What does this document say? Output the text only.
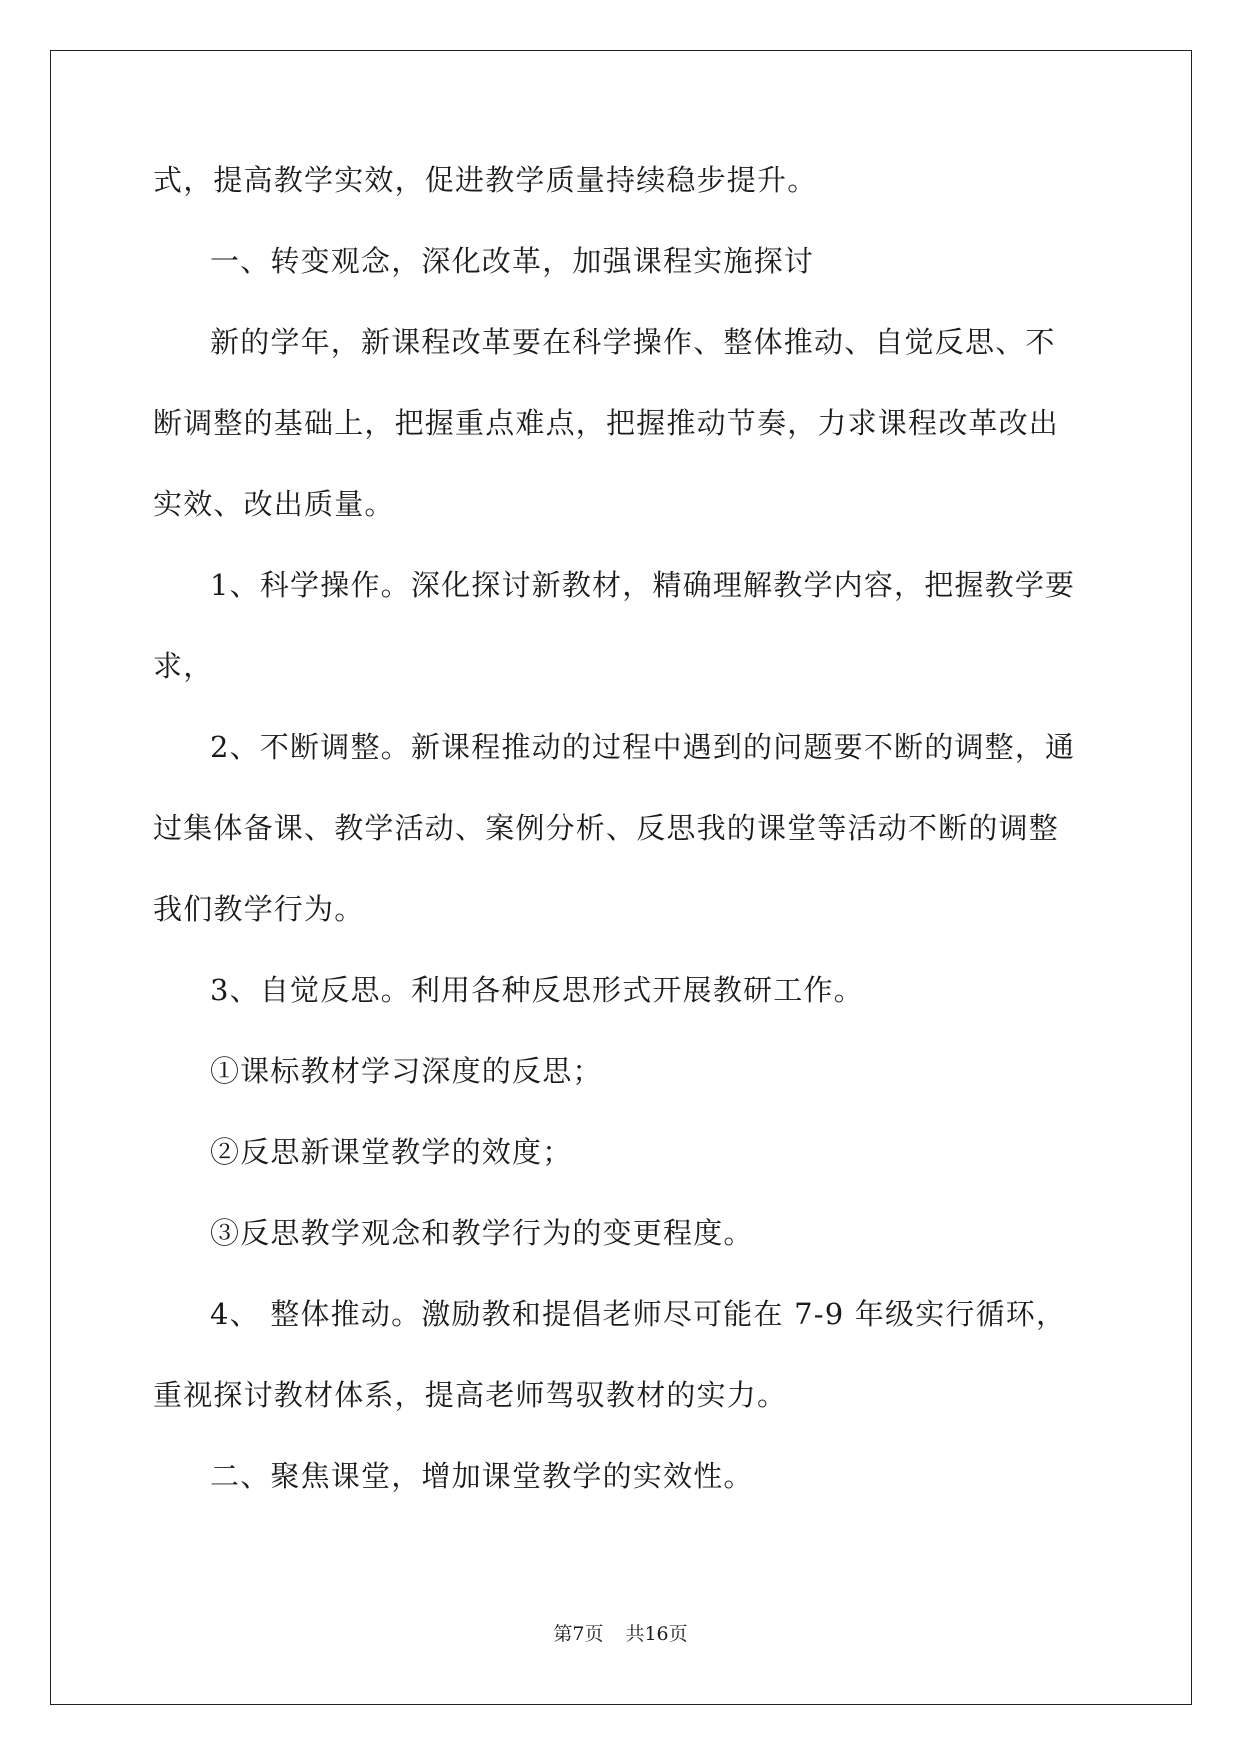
式，提高教学实效，促进教学质量持续稳步提升。
一、转变观念，深化改革，加强课程实施探讨
新的学年，新课程改革要在科学操作、整体推动、自觉反思、不
断调整的基础上，把握重点难点，把握推动节奏，力求课程改革改出
实效、改出质量。
1、科学操作。深化探讨新教材，精确理解教学内容，把握教学要
求，
2、不断调整。新课程推动的过程中遇到的问题要不断的调整，通
过集体备课、教学活动、案例分析、反思我的课堂等活动不断的调整
我们教学行为。
3、自觉反思。利用各种反思形式开展教研工作。
①课标教材学习深度的反思；
②反思新课堂教学的效度；
③反思教学观念和教学行为的变更程度。
4、 整体推动。激励教和提倡老师尽可能在 7-9 年级实行循环，
重视探讨教材体系，提高老师驾驭教材的实力。
二、聚焦课堂，增加课堂教学的实效性。
第7页 共16页
